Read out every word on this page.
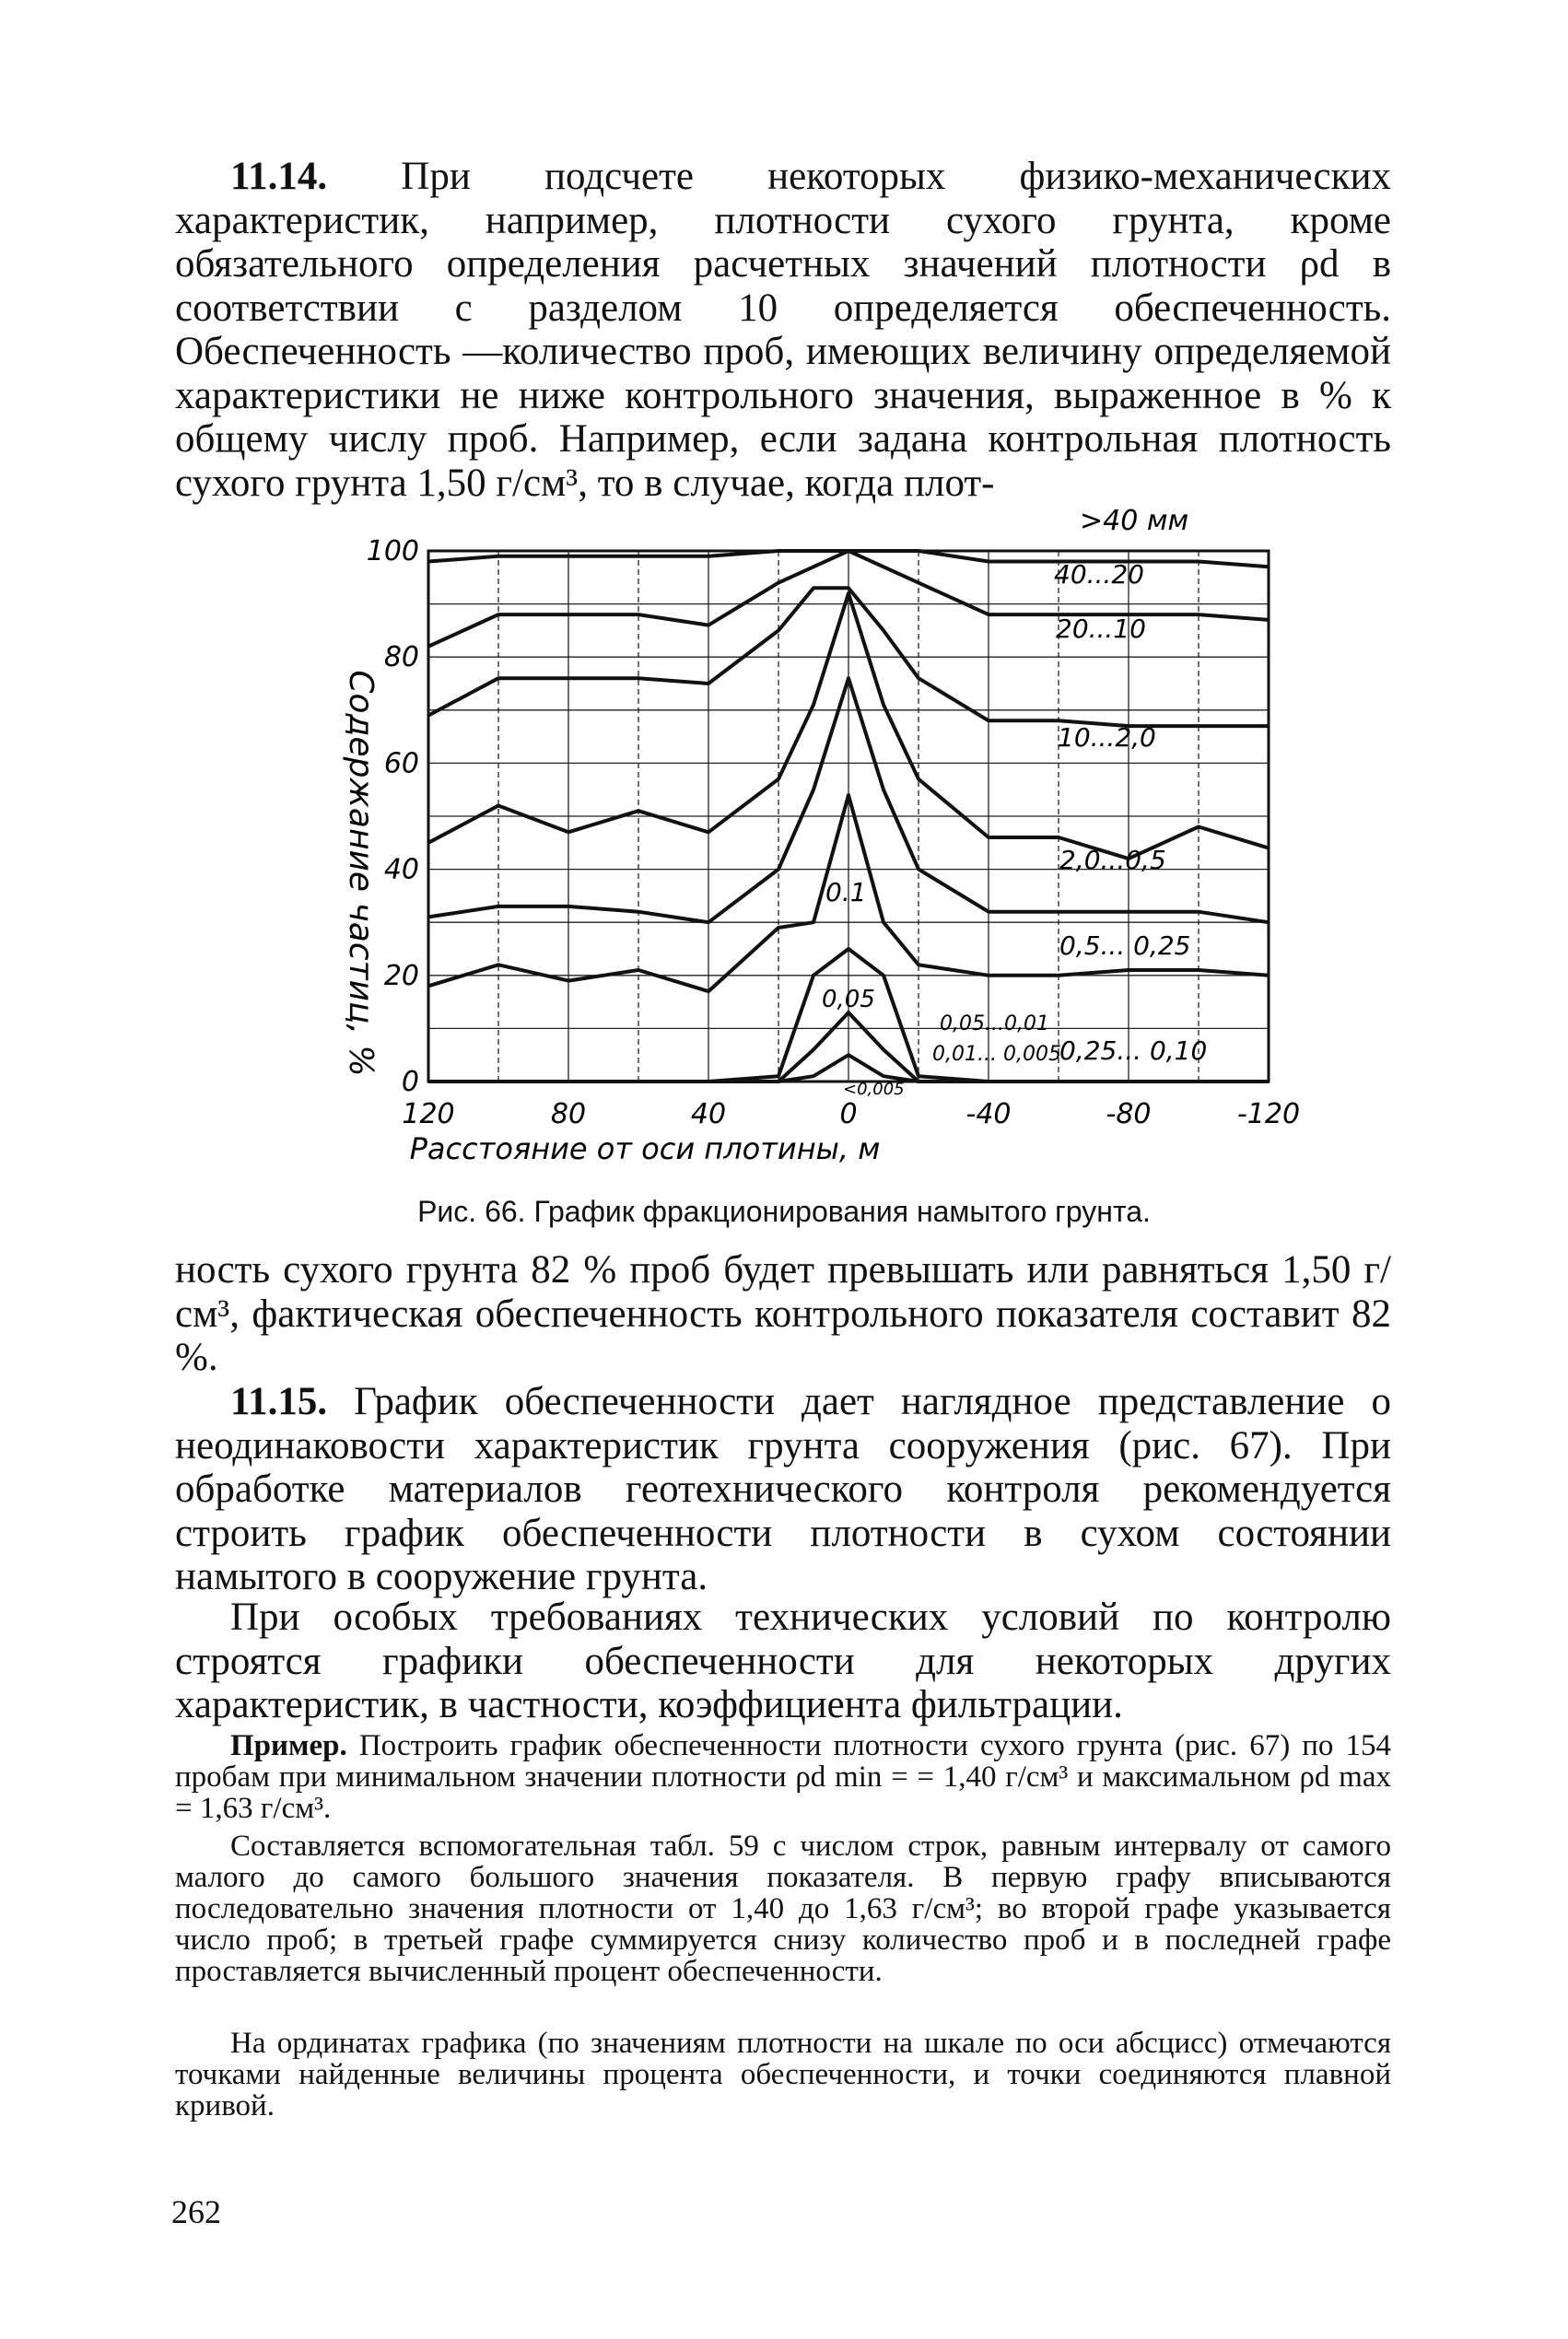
11.14. При подсчете некоторых физико-механических характеристик, например, плотности сухого грунта, кроме обязательного определения расчетных значений плотности ρd в соответствии с разделом 10 определяется обеспеченность. Обеспеченность —количество проб, имеющих величину определяемой характеристики не ниже контрольного значения, выраженное в % к общему числу проб. Например, если задана контрольная плотность сухого грунта 1,50 г/см³, то в случае, когда плот-

120	80	40	0	-40	-80	-120
0
20
40
60
80
100
Содержание частиц, %
Расстояние от оси плотины, м
>40 мм
40...20
20...10
10...2,0
2,0...0,5
0,5... 0,25
0.1
0,05
0,05...0,01
0,01... 0,005
0,25... 0,10
<0,005
Рис. 66. График фракционирования намытого грунта.

ность сухого грунта 82 % проб будет превышать или равняться 1,50 г/см³, фактическая обеспеченность контрольного показателя составит 82 %.

11.15. График обеспеченности дает наглядное представление о неодинаковости характеристик грунта сооружения (рис. 67). При обработке материалов геотехнического контроля рекомендуется строить график обеспеченности плотности в сухом состоянии намытого в сооружение грунта.

При особых требованиях технических условий по контролю строятся графики обеспеченности для некоторых других характеристик, в частности, коэффициента фильтрации.

Пример. Построить график обеспеченности плотности сухого грунта (рис. 67) по 154 пробам при минимальном значении плотности ρd min = = 1,40 г/см³ и максимальном ρd max = 1,63 г/см³.

Составляется вспомогательная табл. 59 с числом строк, равным интервалу от самого малого до самого большого значения показателя. В первую графу вписываются последовательно значения плотности от 1,40 до 1,63 г/см³; во второй графе указывается число проб; в третьей графе суммируется снизу количество проб и в последней графе проставляется вычисленный процент обеспеченности.

На ординатах графика (по значениям плотности на шкале по оси абсцисс) отмечаются точками найденные величины процента обеспеченности, и точки соединяются плавной кривой.

262
